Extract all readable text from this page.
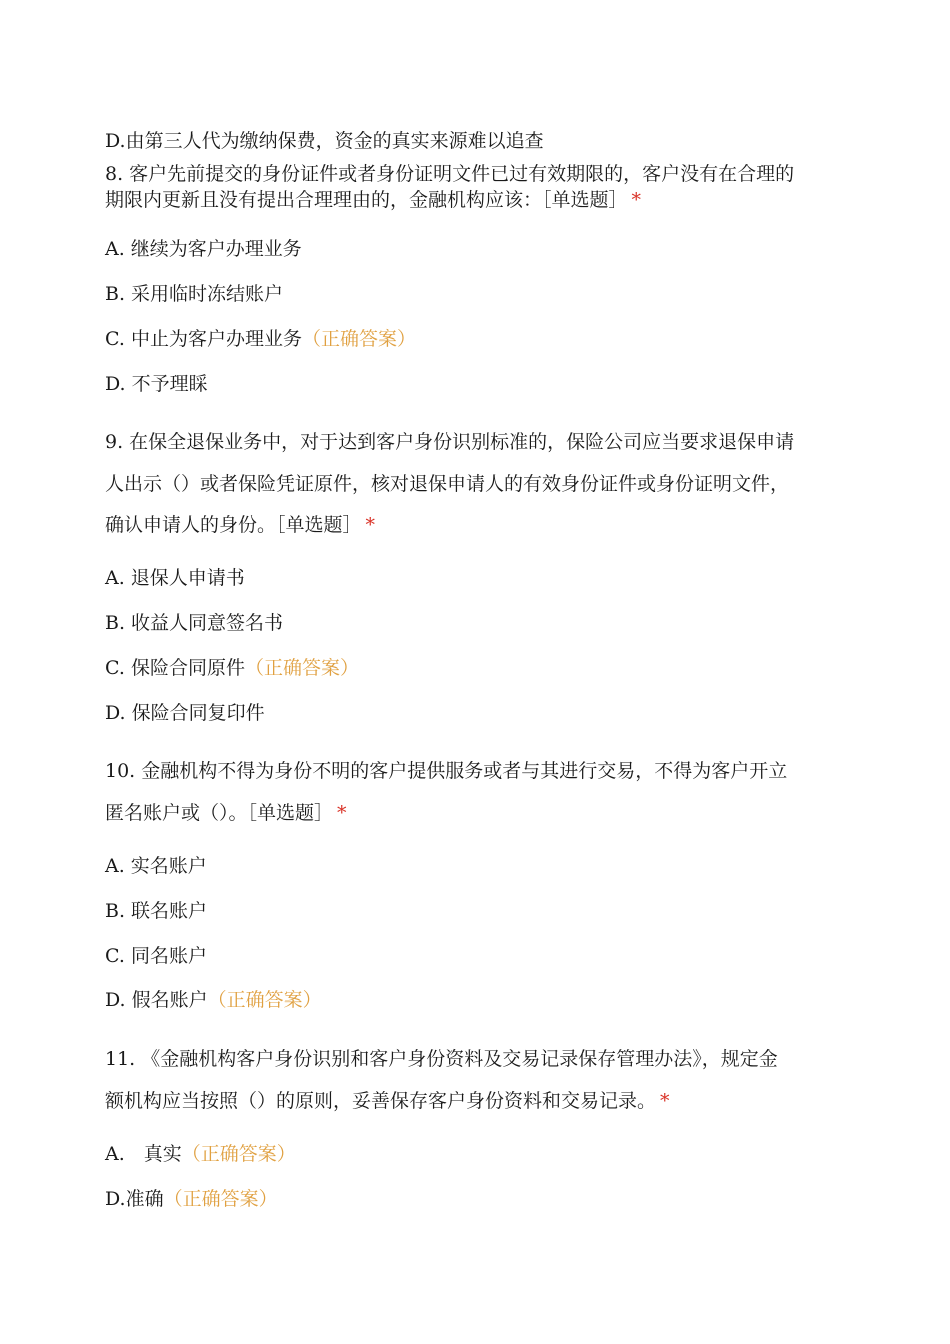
D.由第三人代为缴纳保费，资金的真实来源难以追查
8. 客户先前提交的身份证件或者身份证明文件已过有效期限的，客户没有在合理的
期限内更新且没有提出合理理由的，金融机构应该：［单选题］ *
A. 继续为客户办理业务
B. 采用临时冻结账户
C. 中止为客户办理业务（正确答案）
D. 不予理睬
9. 在保全退保业务中，对于达到客户身份识别标准的，保险公司应当要求退保申请
人出示（）或者保险凭证原件，核对退保申请人的有效身份证件或身份证明文件，
确认申请人的身份。［单选题］ *
A. 退保人申请书
B. 收益人同意签名书
C. 保险合同原件（正确答案）
D. 保险合同复印件
10. 金融机构不得为身份不明的客户提供服务或者与其进行交易，不得为客户开立
匿名账户或（）。［单选题］ *
A. 实名账户
B. 联名账户
C. 同名账户
D. 假名账户（正确答案）
11. 《金融机构客户身份识别和客户身份资料及交易记录保存管理办法》，规定金
额机构应当按照（）的原则，妥善保存客户身份资料和交易记录。 *
A.　真实（正确答案）
D.准确（正确答案）
